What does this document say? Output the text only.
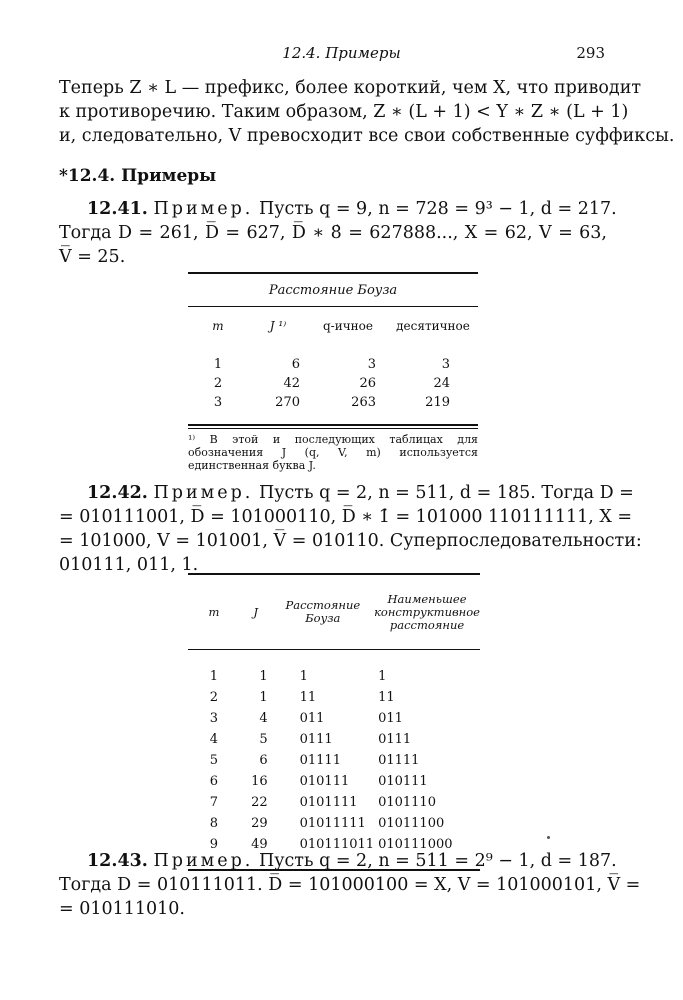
12.4. Примеры	293
Теперь Z ∗ L — префикс, более короткий, чем X, что приводит
к противоречию. Таким образом, Z ∗ (L + 1) < Y ∗ Z ∗ (L + 1)
и, следовательно, V превосходит все свои собственные суффиксы.
*12.4. Примеры
12.41. Пример. Пусть q = 9, n = 728 = 9³ − 1, d = 217.
Тогда D = 261, D̅ = 627, D̅ ∗ 8̇ = 627888..., X = 62, V = 63,
V̅ = 25.
Расстояние Боуза			
m	J ¹⁾	q-ичное	десятичное

1	6	3	3
2	42	26	24
3	270	263	219

¹⁾ В этой и последующих таблицах для обозначения J (q, V, m) используется единственная буква J.
12.42. Пример. Пусть q = 2, n = 511, d = 185. Тогда D =
= 010111001, D̅ = 101000110, D̅ ∗ 1̇ = 101000 110111111, X =
= 101000, V = 101001, V̅ = 010110. Суперпоследовательности:
010111, 011, 1.
m	J	Расстояние Боуза	Наименьшее конструктивное расстояние

1	1	1	1
2	1	11	11
3	4	011	011
4	5	0111	0111
5	6	01111	01111
6	16	010111	010111
7	22	0101111	0101110
8	29	01011111	01011100
9	49	010111011	010111000

12.43. Пример. Пусть q = 2, n = 511 = 2⁹ − 1, d = 187.
Тогда D = 010111011. D̅ = 101000100 = X, V = 101000101, V̅ =
= 010111010.
